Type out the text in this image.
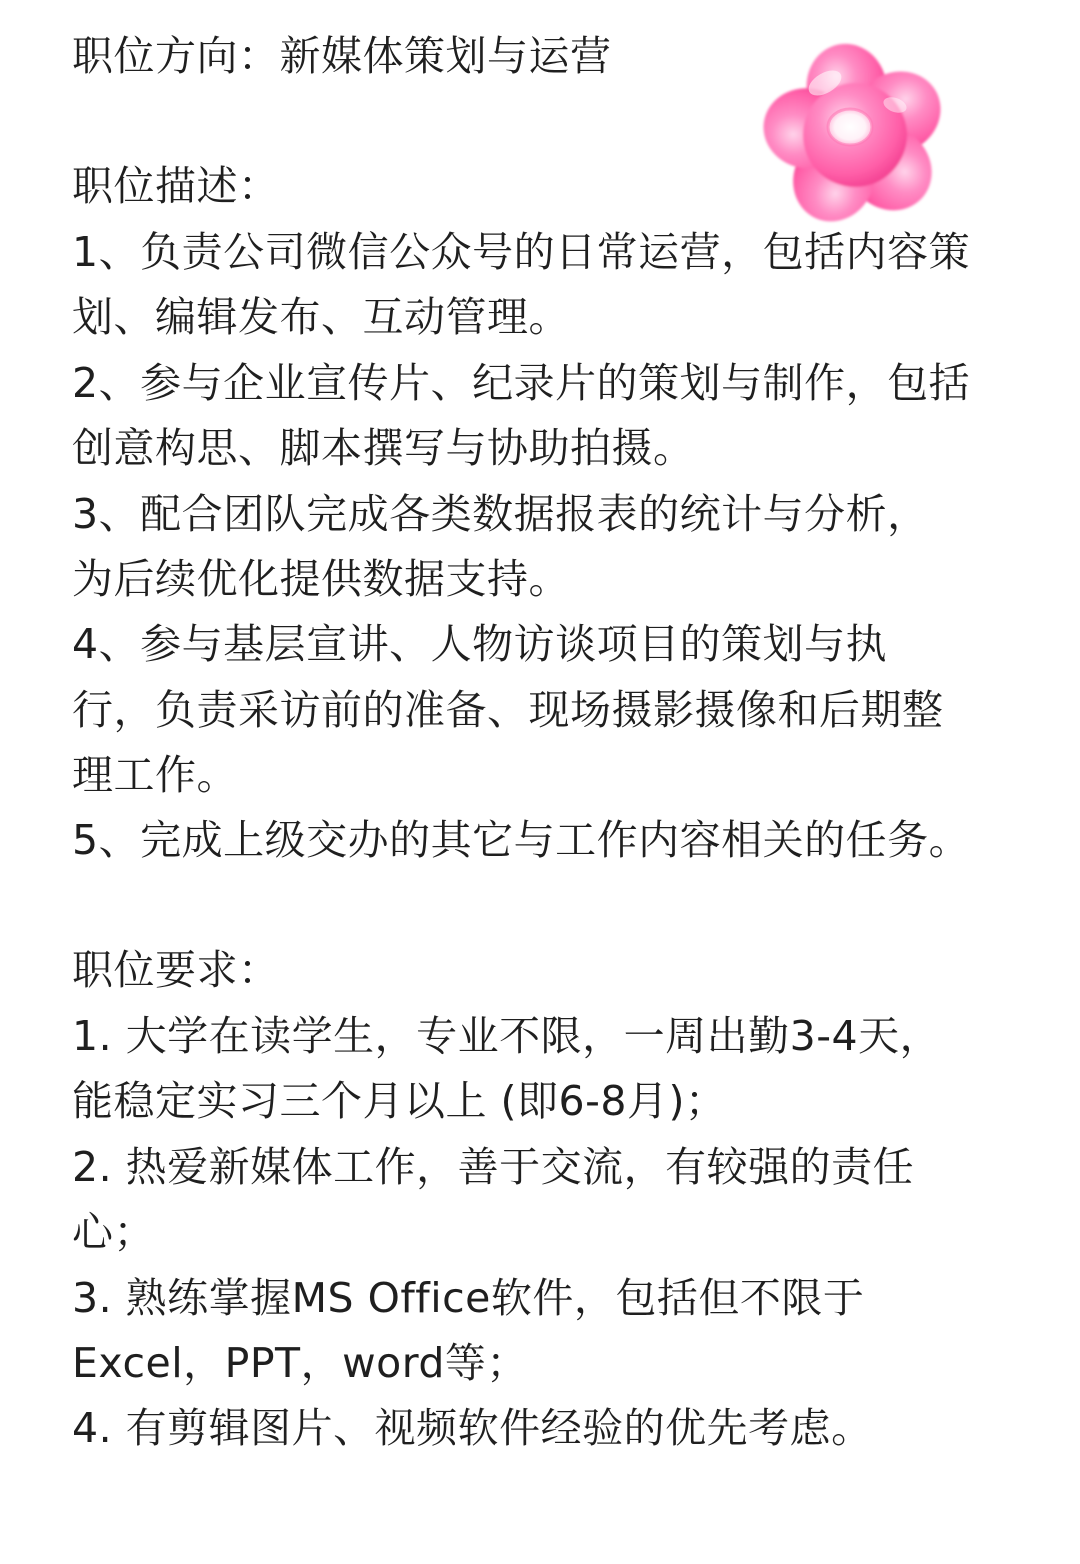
职位方向：新媒体策划与运营
职位描述：
1、负责公司微信公众号的日常运营，包括内容策
划、编辑发布、互动管理。
2、参与企业宣传片、纪录片的策划与制作，包括
创意构思、脚本撰写与协助拍摄。
3、配合团队完成各类数据报表的统计与分析，
为后续优化提供数据支持。
4、参与基层宣讲、人物访谈项目的策划与执
行，负责采访前的准备、现场摄影摄像和后期整
理工作。
5、完成上级交办的其它与工作内容相关的任务。
职位要求：
1. 大学在读学生，专业不限，一周出勤3-4天，
能稳定实习三个月以上 (即6-8月)；
2. 热爱新媒体工作，善于交流，有较强的责任
心；
3. 熟练掌握MS Office软件，包括但不限于
Excel，PPT，word等；
4. 有剪辑图片、视频软件经验的优先考虑。
